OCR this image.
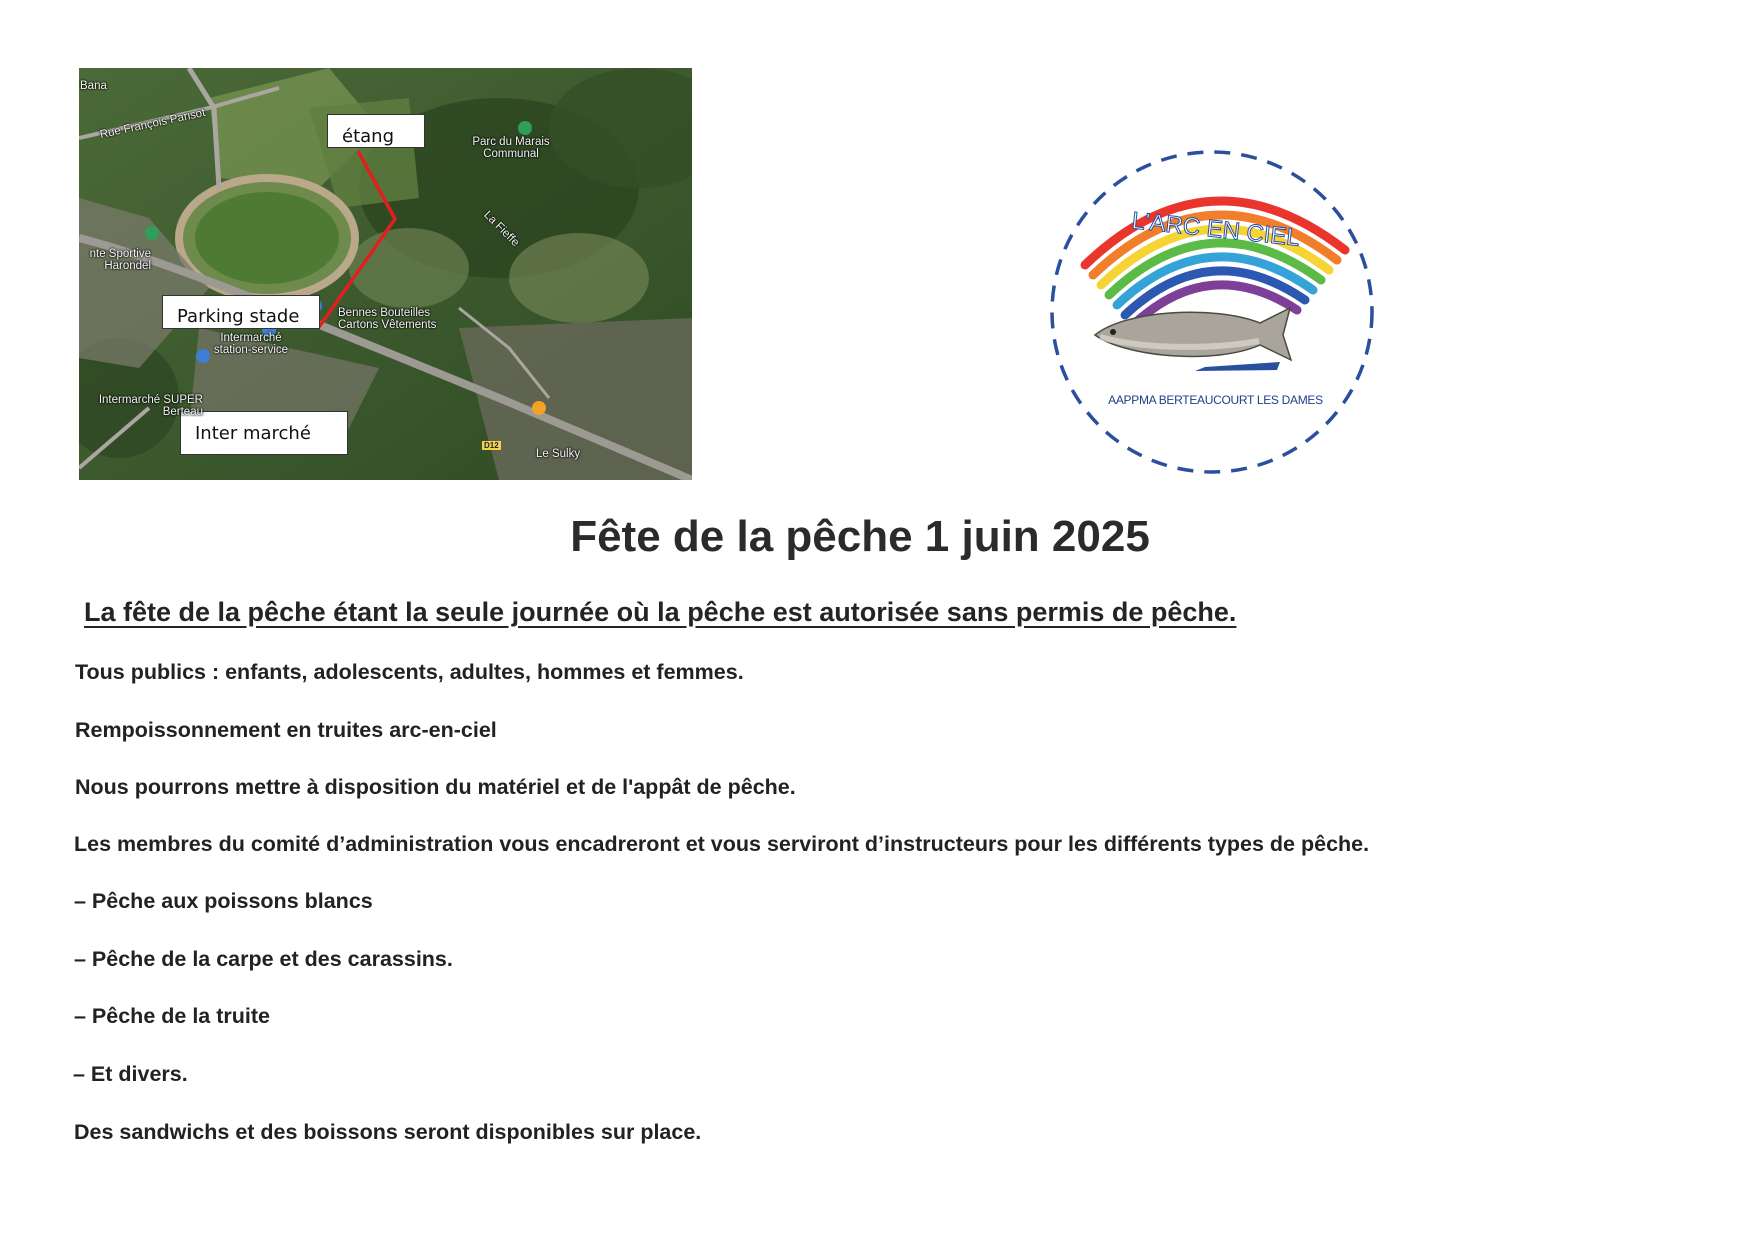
étang
Parking stade
Inter marché
Bana
Rue François Parisot
Parc du Marais Communal
La Fieffe
nte Sportive Harondel
Bennes Bouteilles Cartons Vêtements
Intermarché station-service
Intermarché SUPER Berteau
Le Sulky
D12
L'ARC EN CIEL
AAPPMA BERTEAUCOURT LES DAMES
Fête de la pêche 1 juin 2025

La fête de la pêche étant la seule journée où la pêche est autorisée sans permis de pêche.

Tous publics : enfants, adolescents, adultes, hommes et femmes.

Rempoissonnement en truites arc-en-ciel

Nous pourrons mettre à disposition du matériel et de l'appât de pêche.

Les membres du comité d’administration vous encadreront et vous serviront d’instructeurs pour les différents types de pêche.

– Pêche aux poissons blancs

– Pêche de la carpe et des carassins.

– Pêche de la truite

– Et divers.

Des sandwichs et des boissons seront disponibles sur place.
